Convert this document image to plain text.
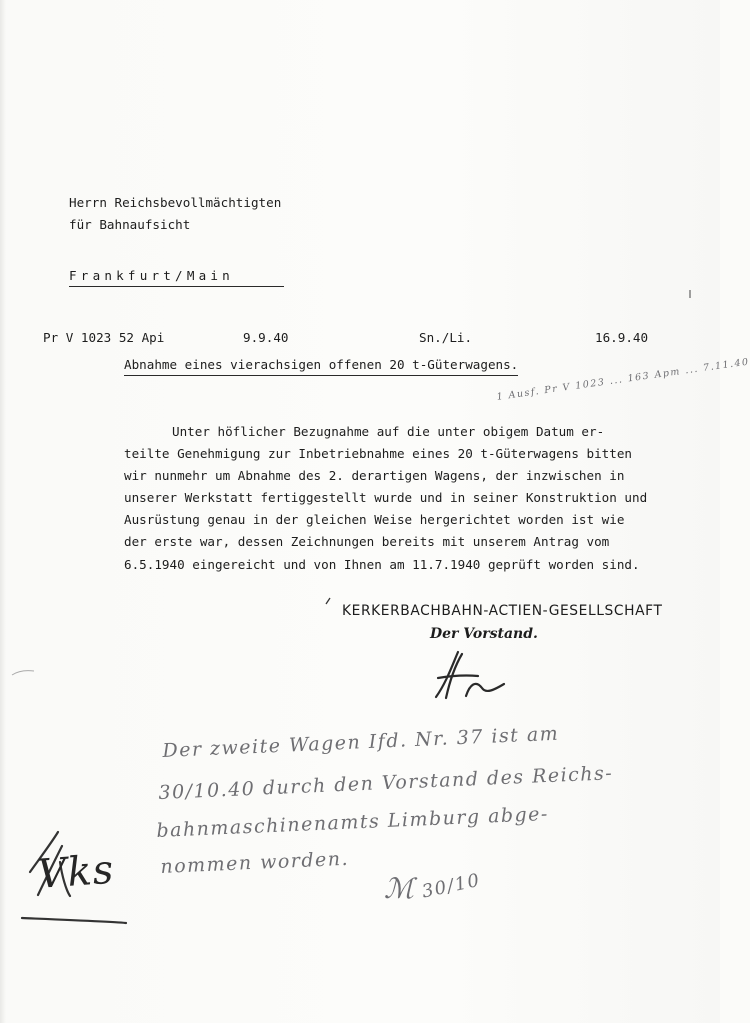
Herrn Reichsbevollmächtigten
für Bahnaufsicht
Frankfurt/Main
Pr V 1023 52 Api	9.9.40	Sn./Li.	16.9.40
Abnahme eines vierachsigen offenen 20 t-Güterwagens.
Unter höflicher Bezugnahme auf die unter obigem Datum er-
teilte Genehmigung zur Inbetriebnahme eines 20 t-Güterwagens bitten
wir nunmehr um Abnahme des 2. derartigen Wagens, der inzwischen in
unserer Werkstatt fertiggestellt wurde und in seiner Konstruktion und
Ausrüstung genau in der gleichen Weise hergerichtet worden ist wie
der erste war, dessen Zeichnungen bereits mit unserem Antrag vom
6.5.1940 eingereicht und von Ihnen am 11.7.1940 geprüft worden sind.
1 Ausf. Pr V 1023 ... 163 Apm ... 7.11.40
KERKERBACHBAHN-ACTIEN-GESELLSCHAFT
Der Vorstand.
Der zweite Wagen Ifd. Nr. 37 ist am
30/10.40 durch den Vorstand des Reichs-
bahnmaschinenamts Limburg abge-
nommen worden.
ℳ 30/10
Vks
